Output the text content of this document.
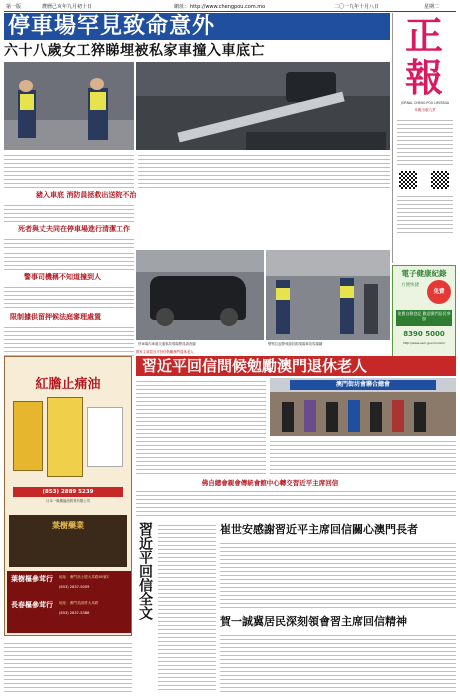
第一版	農曆己亥年九月初十日	網址： http://www.chengpou.com.mo	二〇一九年十月八日	星期二
停車場罕見致命意外
六十八歲女工猝睇埋被私家車撞入車底亡
豬入車底 消防員拯救出送院不治
死者與丈夫同在停車場進行清潔工作
警事司機稱不知道撞到人
限制據供留押候法庭審理處置
停車場內車禍交通事故現場警員調查圖	警察拉起警戒線封鎖現場事故現場圖
正報
JORNAL CHENG POU LIMITADA
本報出版九頁
電子健康紀錄
方便快捷
免費
免費自動登記 歡迎澳門居民參加
8390 5000
http://www.ssm.gov.mo/ehr/
國家主席習近平回信勉勵澳門退休老人
習近平回信問候勉勵澳門退休老人
澳門街坊會聯合總會
佛自總會親會傳統會館中心轉交習近平主席回信
紅膽止痛油
(853) 2889 5239
日本一條鳳凰油貿易有限公司
葉樹藥業
葉樹樞參茸行 地址：澳門高士德大馬路80號C
(853) 2837-5009
長春樞參茸行 地址：澳門美副將大馬路
(853) 2837-5388	習近平回信全文	崔世安感謝習近平主席回信關心澳門長者
賀一誠冀居民深刻領會習主席回信精神
